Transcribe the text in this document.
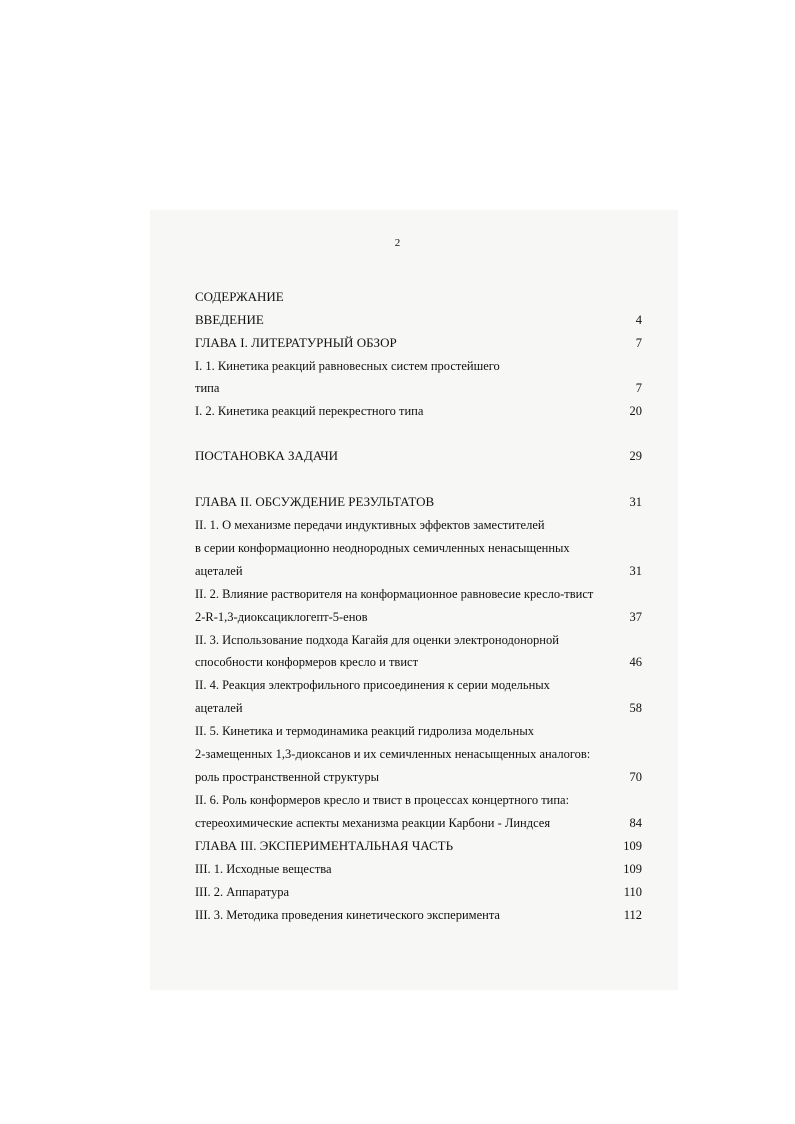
2
СОДЕРЖАНИЕ
ВВЕДЕНИЕ	4
ГЛАВА I. ЛИТЕРАТУРНЫЙ ОБЗОР	7
I. 1. Кинетика реакций равновесных систем простейшего
типа	7
I. 2. Кинетика реакций перекрестного типа	20
ПОСТАНОВКА ЗАДАЧИ	29
ГЛАВА II. ОБСУЖДЕНИЕ РЕЗУЛЬТАТОВ	31
II. 1. О механизме передачи индуктивных эффектов заместителей
в серии конформационно неоднородных семичленных ненасыщенных
ацеталей	31
II. 2. Влияние растворителя на конформационное равновесие кресло-твист
2-R-1,3-диоксациклогепт-5-енов	37
II. 3. Использование подхода Кагайя для оценки электронодонорной
способности конформеров кресло и твист	46
II. 4. Реакция электрофильного присоединения к серии модельных
ацеталей	58
II. 5. Кинетика и термодинамика реакций гидролиза модельных
2-замещенных 1,3-диоксанов и их семичленных ненасыщенных аналогов:
роль пространственной структуры	70
II. 6. Роль конформеров кресло и твист в процессах концертного типа:
стереохимические аспекты механизма реакции Карбони - Линдсея	84
ГЛАВА III. ЭКСПЕРИМЕНТАЛЬНАЯ ЧАСТЬ	109
III. 1. Исходные вещества	109
III. 2. Аппаратура	110
III. 3. Методика проведения кинетического эксперимента	112
